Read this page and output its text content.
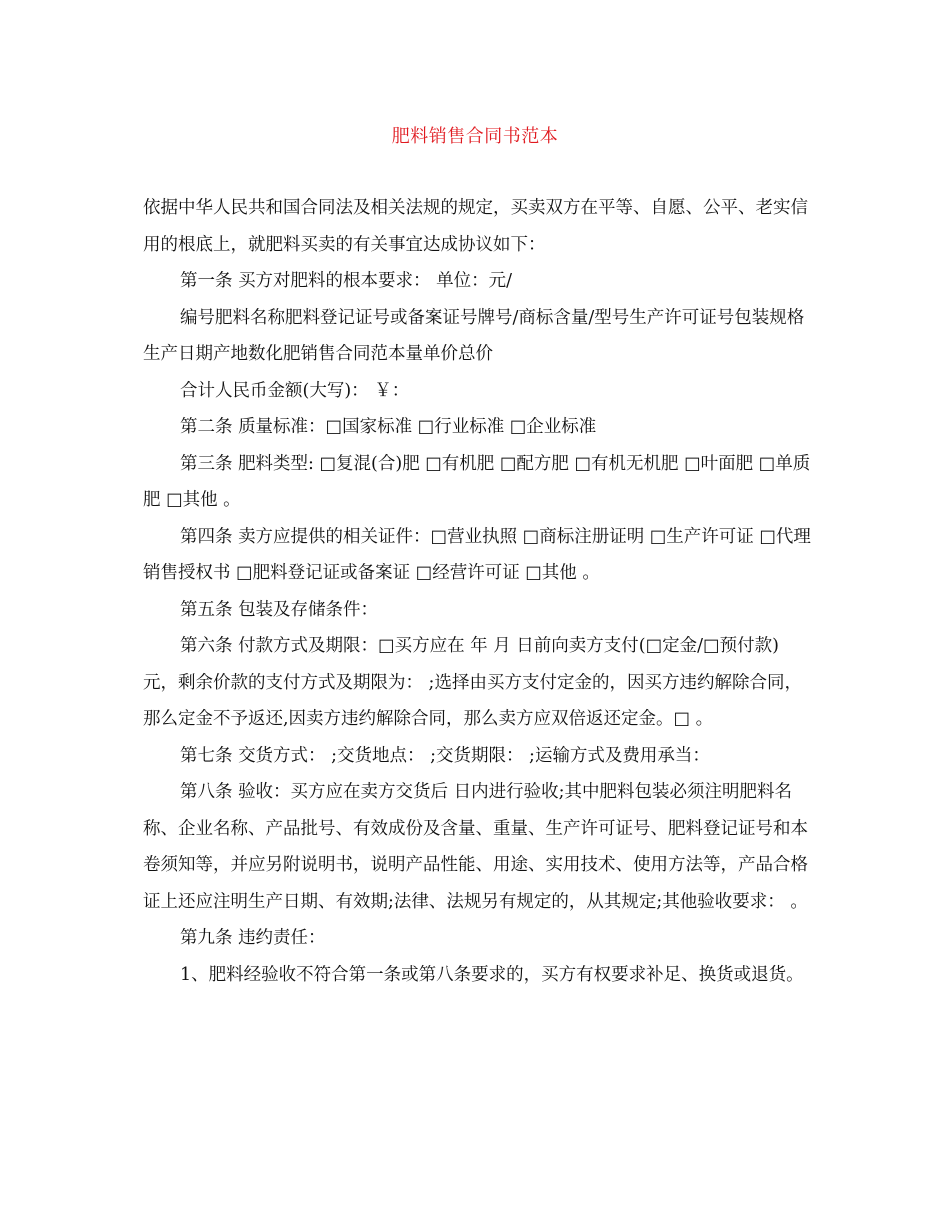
肥料销售合同书范本

依据中华人民共和国合同法及相关法规的规定，买卖双方在平等、自愿、公平、老实信用的根底上，就肥料买卖的有关事宜达成协议如下：

第一条 买方对肥料的根本要求： 单位：元/

编号肥料名称肥料登记证号或备案证号牌号/商标含量/型号生产许可证号包装规格生产日期产地数化肥销售合同范本量单价总价

合计人民币金额(大写)： ￥：

第二条 质量标准：□国家标准 □行业标准 □企业标准

第三条 肥料类型: □复混(合)肥 □有机肥 □配方肥 □有机无机肥 □叶面肥 □单质肥 □其他 。

第四条 卖方应提供的相关证件：□营业执照 □商标注册证明 □生产许可证 □代理销售授权书 □肥料登记证或备案证 □经营许可证 □其他 。

第五条 包装及存储条件：

第六条 付款方式及期限：□买方应在 年 月 日前向卖方支付(□定金/□预付款) 元，剩余价款的支付方式及期限为： ;选择由买方支付定金的，因买方违约解除合同，那么定金不予返还,因卖方违约解除合同，那么卖方应双倍返还定金。□ 。

第七条 交货方式： ;交货地点： ;交货期限： ;运输方式及费用承当：

第八条 验收：买方应在卖方交货后 日内进行验收;其中肥料包装必须注明肥料名称、企业名称、产品批号、有效成份及含量、重量、生产许可证号、肥料登记证号和本卷须知等，并应另附说明书，说明产品性能、用途、实用技术、使用方法等，产品合格证上还应注明生产日期、有效期;法律、法规另有规定的，从其规定;其他验收要求： 。

第九条 违约责任：

1、肥料经验收不符合第一条或第八条要求的，买方有权要求补足、换货或退货。
